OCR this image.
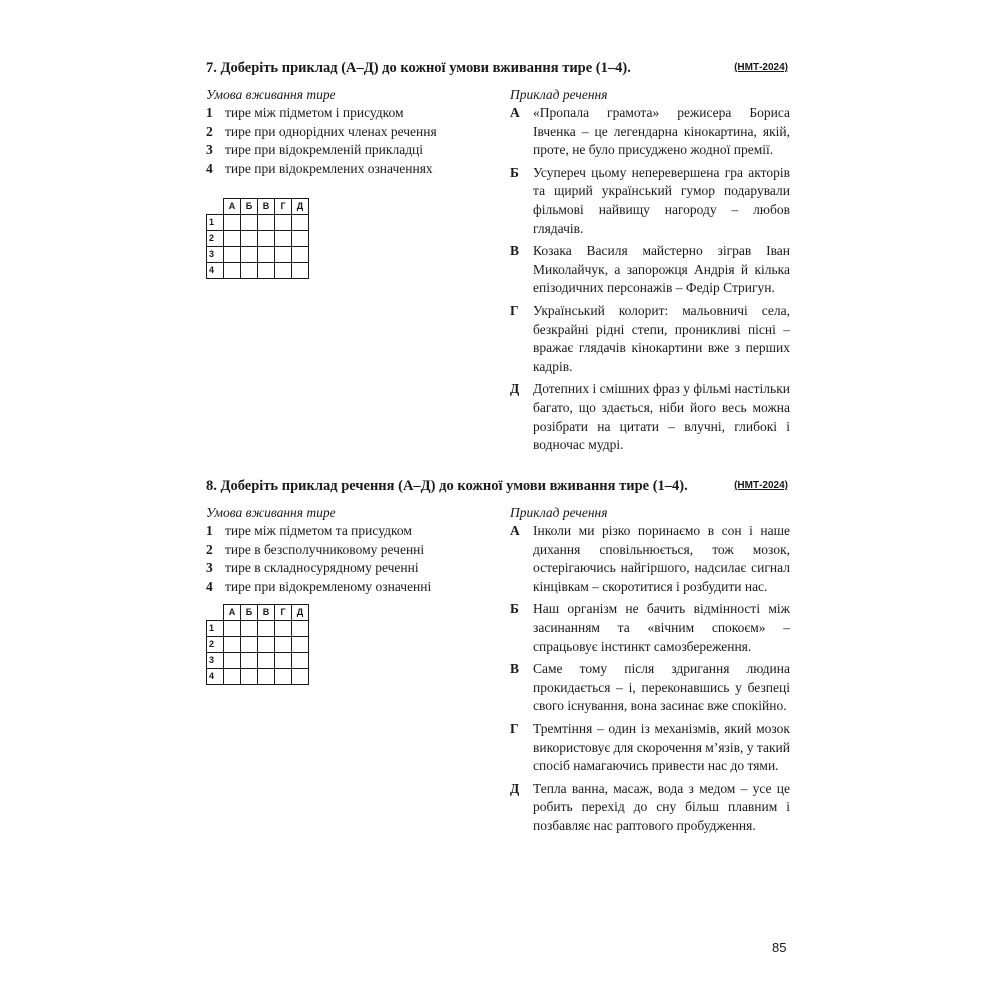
7. Доберіть приклад (А–Д) до кожної умови вживання тире (1–4).	(НМТ-2024)
Умова вживання тире
1 тире між підметом і присудком
2 тире при однорідних членах речення
3 тире при відокремленій прикладці
4 тире при відокремлених означеннях
	А	Б	В	Г	Д
1					
2					
3					
4					
Приклад речення
А «Пропала грамота» режисера Бориса Івченка – це легендарна кінокартина, якій, проте, не було присуджено жодної премії.
Б Усупереч цьому неперевершена гра акторів та щирий український гумор подарували фільмові найвищу нагороду – любов глядачів.
В Козака Василя майстерно зіграв Іван Миколайчук, а запорожця Андрія й кілька епізодичних персонажів – Федір Стригун.
Г Український колорит: мальовничі села, безкрайні рідні степи, проникливі пісні – вражає глядачів кінокартини вже з перших кадрів.
Д Дотепних і смішних фраз у фільмі настільки багато, що здається, ніби його весь можна розібрати на цитати – влучні, глибокі і водночас мудрі.
8. Доберіть приклад речення (А–Д) до кожної умови вживання тире (1–4).	(НМТ-2024)
Умова вживання тире
1 тире між підметом та присудком
2 тире в безсполучниковому реченні
3 тире в складносурядному реченні
4 тире при відокремленому означенні
	А	Б	В	Г	Д
1					
2					
3					
4					
Приклад речення
А Інколи ми різко поринаємо в сон і наше дихання сповільнюється, тож мозок, остерігаючись найгіршого, надсилає сигнал кінцівкам – скоротитися і розбудити нас.
Б Наш організм не бачить відмінності між засинанням та «вічним спокоєм» – спрацьовує інстинкт самозбереження.
В Саме тому після здригання людина прокидається – і, переконавшись у безпеці свого існування, вона засинає вже спокійно.
Г Тремтіння – один із механізмів, який мозок використовує для скорочення м’язів, у такий спосіб намагаючись привести нас до тями.
Д Тепла ванна, масаж, вода з медом – усе це робить перехід до сну більш плавним і позбавляє нас раптового пробудження.
85
